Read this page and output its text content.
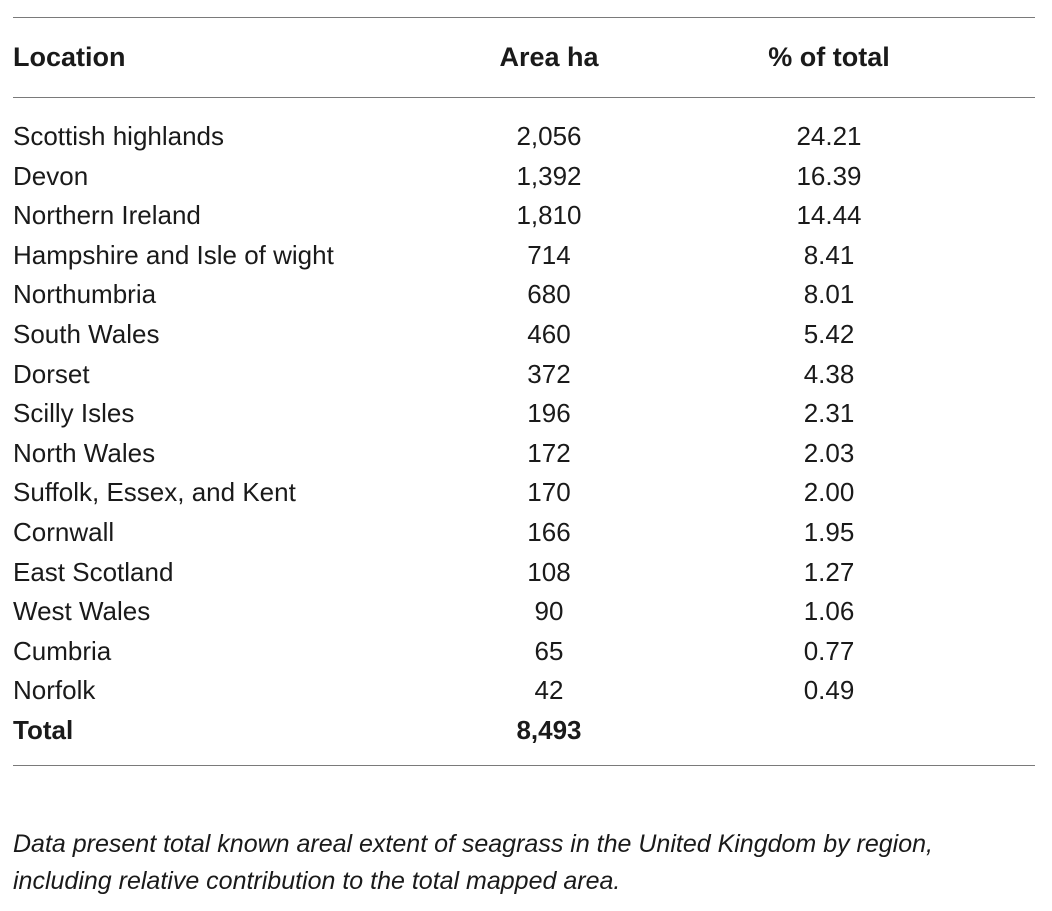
Location	Area ha	% of total
Scottish highlands	2,056	24.21
Devon	1,392	16.39
Northern Ireland	1,810	14.44
Hampshire and Isle of wight	714	8.41
Northumbria	680	8.01
South Wales	460	5.42
Dorset	372	4.38
Scilly Isles	196	2.31
North Wales	172	2.03
Suffolk, Essex, and Kent	170	2.00
Cornwall	166	1.95
East Scotland	108	1.27
West Wales	90	1.06
Cumbria	65	0.77
Norfolk	42	0.49
Total	8,493	
Data present total known areal extent of seagrass in the United Kingdom by region, including relative contribution to the total mapped area.
